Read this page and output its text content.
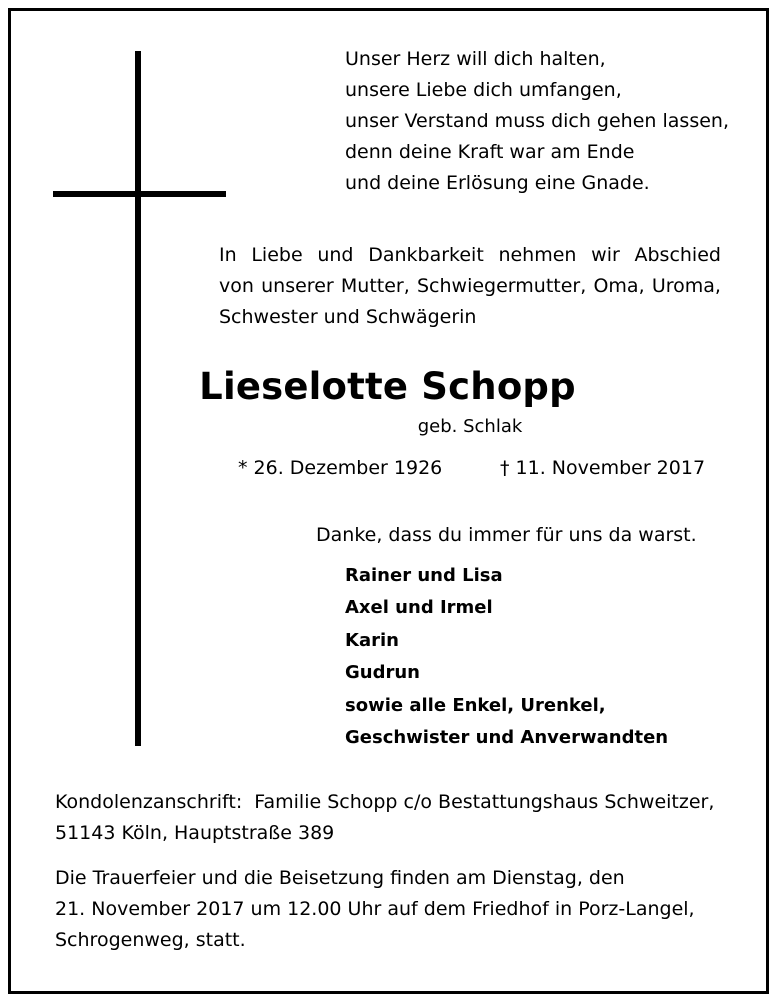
Unser Herz will dich halten,
unsere Liebe dich umfangen,
unser Verstand muss dich gehen lassen,
denn deine Kraft war am Ende
und deine Erlösung eine Gnade.
In Liebe und Dankbarkeit nehmen wir Abschied
von unserer Mutter, Schwiegermutter, Oma, Uroma,
Schwester und Schwägerin
Lieselotte Schopp
geb. Schlak
* 26. Dezember 1926	† 11. November 2017
Danke, dass du immer für uns da warst.
Rainer und Lisa
Axel und Irmel
Karin
Gudrun
sowie alle Enkel, Urenkel,
Geschwister und Anverwandten
Kondolenzanschrift:  Familie Schopp c/o Bestattungshaus Schweitzer,
51143 Köln, Hauptstraße 389
Die Trauerfeier und die Beisetzung finden am Dienstag, den
21. November 2017 um 12.00 Uhr auf dem Friedhof in Porz-Langel,
Schrogenweg, statt.
